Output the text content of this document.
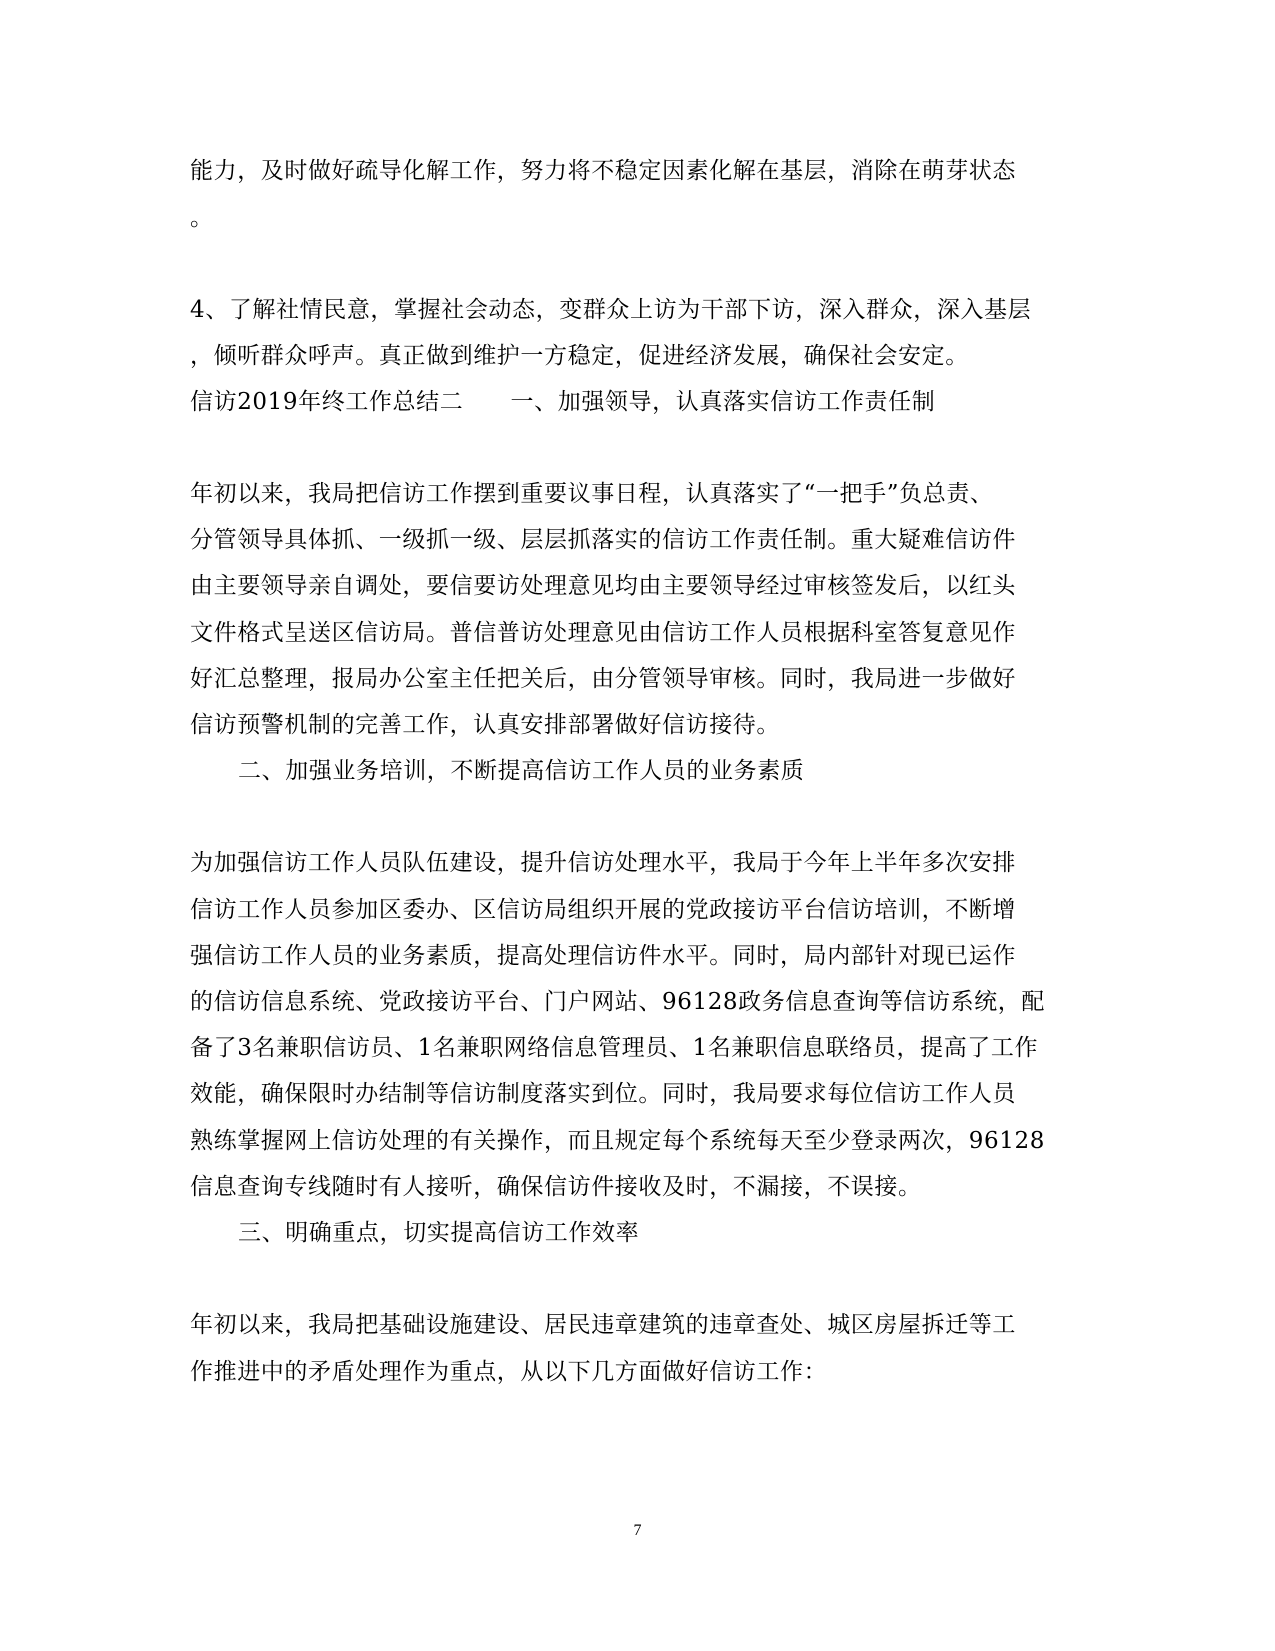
能力，及时做好疏导化解工作，努力将不稳定因素化解在基层，消除在萌芽状态
。
4、了解社情民意，掌握社会动态，变群众上访为干部下访，深入群众，深入基层
，倾听群众呼声。真正做到维护一方稳定，促进经济发展，确保社会安定。
信访2019年终工作总结二　　一、加强领导，认真落实信访工作责任制
年初以来，我局把信访工作摆到重要议事日程，认真落实了“一把手”负总责、
分管领导具体抓、一级抓一级、层层抓落实的信访工作责任制。重大疑难信访件
由主要领导亲自调处，要信要访处理意见均由主要领导经过审核签发后，以红头
文件格式呈送区信访局。普信普访处理意见由信访工作人员根据科室答复意见作
好汇总整理，报局办公室主任把关后，由分管领导审核。同时，我局进一步做好
信访预警机制的完善工作，认真安排部署做好信访接待。
二、加强业务培训，不断提高信访工作人员的业务素质
为加强信访工作人员队伍建设，提升信访处理水平，我局于今年上半年多次安排
信访工作人员参加区委办、区信访局组织开展的党政接访平台信访培训，不断增
强信访工作人员的业务素质，提高处理信访件水平。同时，局内部针对现已运作
的信访信息系统、党政接访平台、门户网站、96128政务信息查询等信访系统，配
备了3名兼职信访员、1名兼职网络信息管理员、1名兼职信息联络员，提高了工作
效能，确保限时办结制等信访制度落实到位。同时，我局要求每位信访工作人员
熟练掌握网上信访处理的有关操作，而且规定每个系统每天至少登录两次，96128
信息查询专线随时有人接听，确保信访件接收及时，不漏接，不误接。
三、明确重点，切实提高信访工作效率
年初以来，我局把基础设施建设、居民违章建筑的违章查处、城区房屋拆迁等工
作推进中的矛盾处理作为重点，从以下几方面做好信访工作：
7
